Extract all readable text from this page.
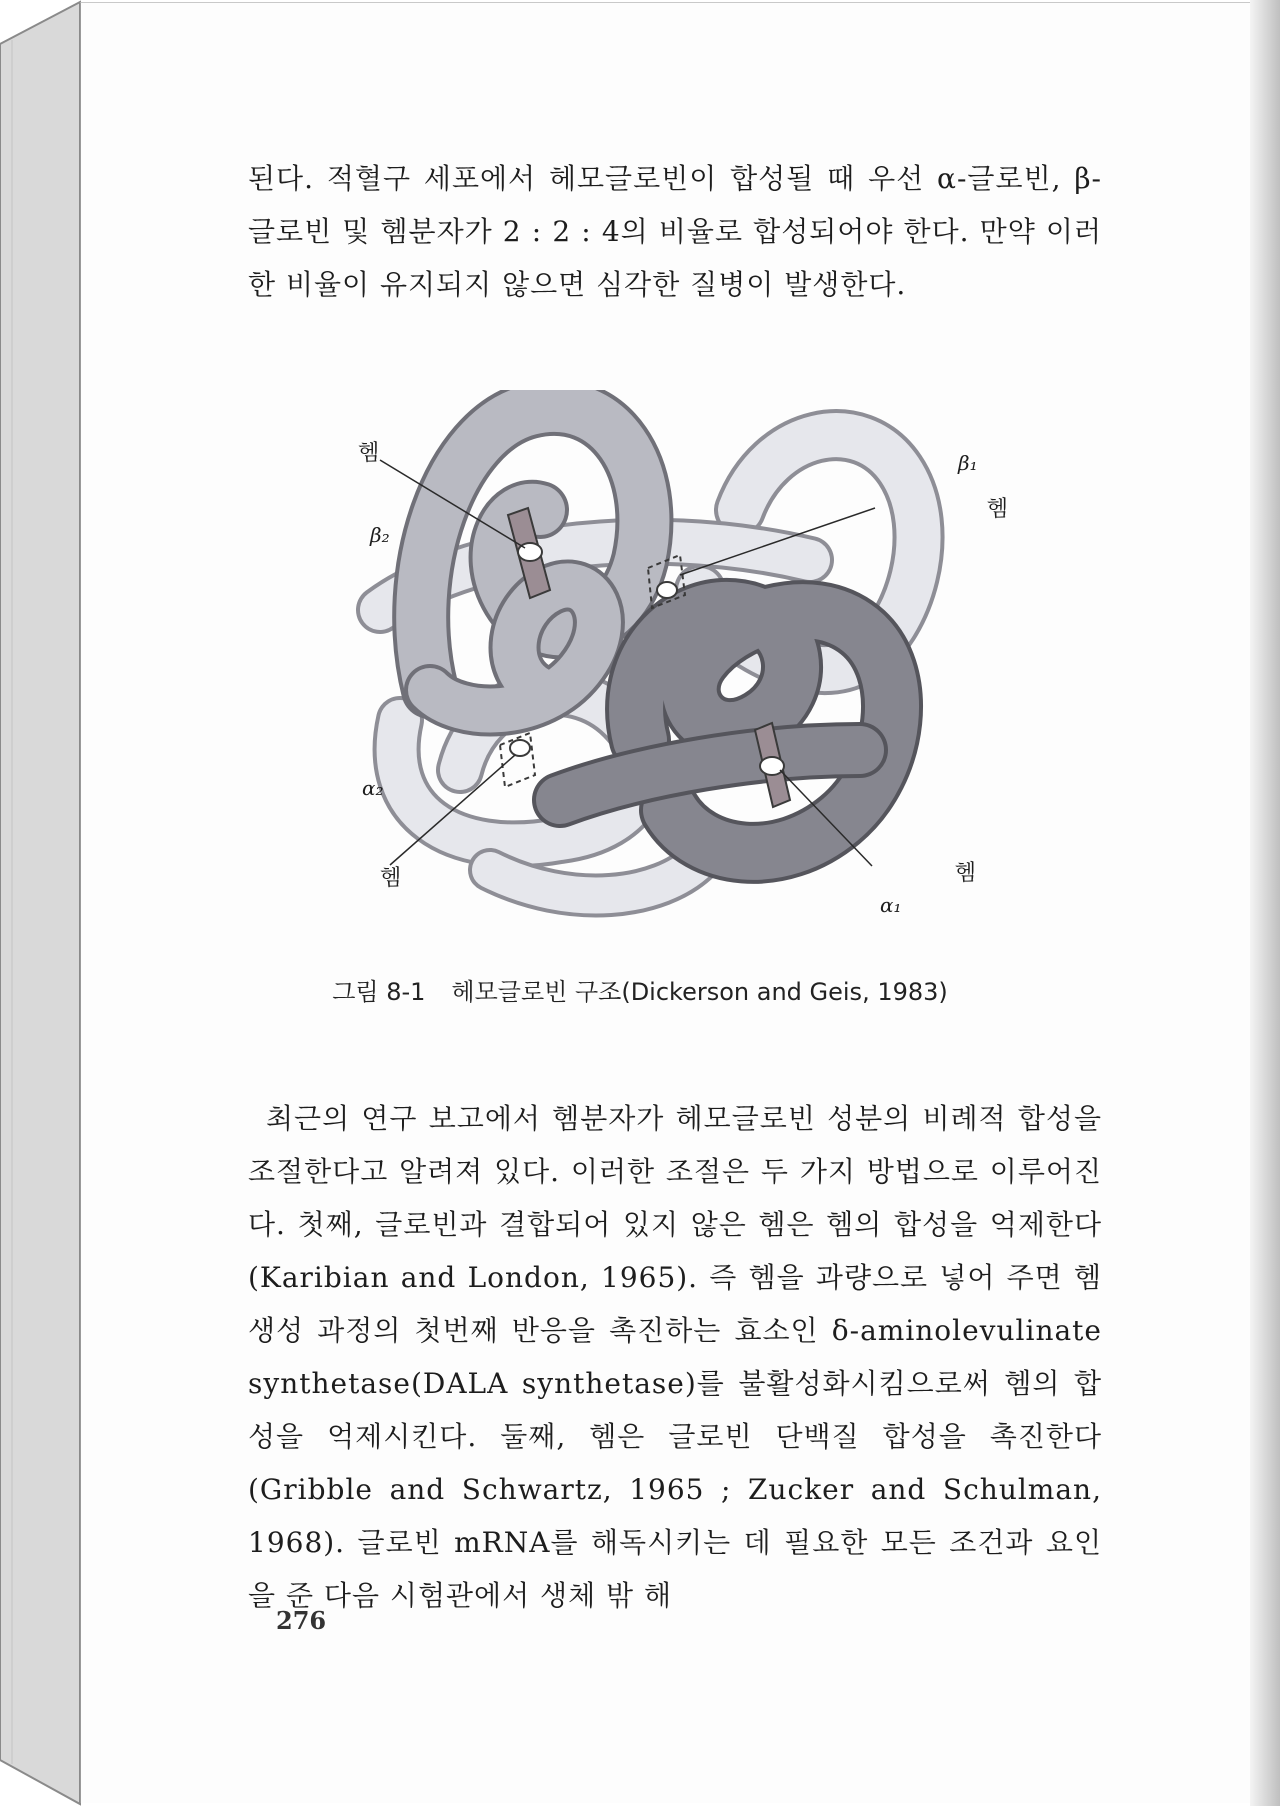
된다. 적혈구 세포에서 헤모글로빈이 합성될 때 우선 α-글로빈, β-글로빈 및 헴분자가 2 : 2 : 4의 비율로 합성되어야 한다. 만약 이러한 비율이 유지되지 않으면 심각한 질병이 발생한다.

헴
β₂
β₁
헴
α₂
헴	헴
α₁
그림 8-1 헤모글로빈 구조(Dickerson and Geis, 1983)

최근의 연구 보고에서 헴분자가 헤모글로빈 성분의 비례적 합성을 조절한다고 알려져 있다. 이러한 조절은 두 가지 방법으로 이루어진다. 첫째, 글로빈과 결합되어 있지 않은 헴은 헴의 합성을 억제한다(Karibian and London, 1965). 즉 헴을 과량으로 넣어 주면 헴 생성 과정의 첫번째 반응을 촉진하는 효소인 δ-aminolevulinate synthetase(DALA synthetase)를 불활성화시킴으로써 헴의 합성을 억제시킨다. 둘째, 헴은 글로빈 단백질 합성을 촉진한다(Gribble and Schwartz, 1965 ; Zucker and Schulman, 1968). 글로빈 mRNA를 해독시키는 데 필요한 모든 조건과 요인을 준 다음 시험관에서 생체 밖 해

276
